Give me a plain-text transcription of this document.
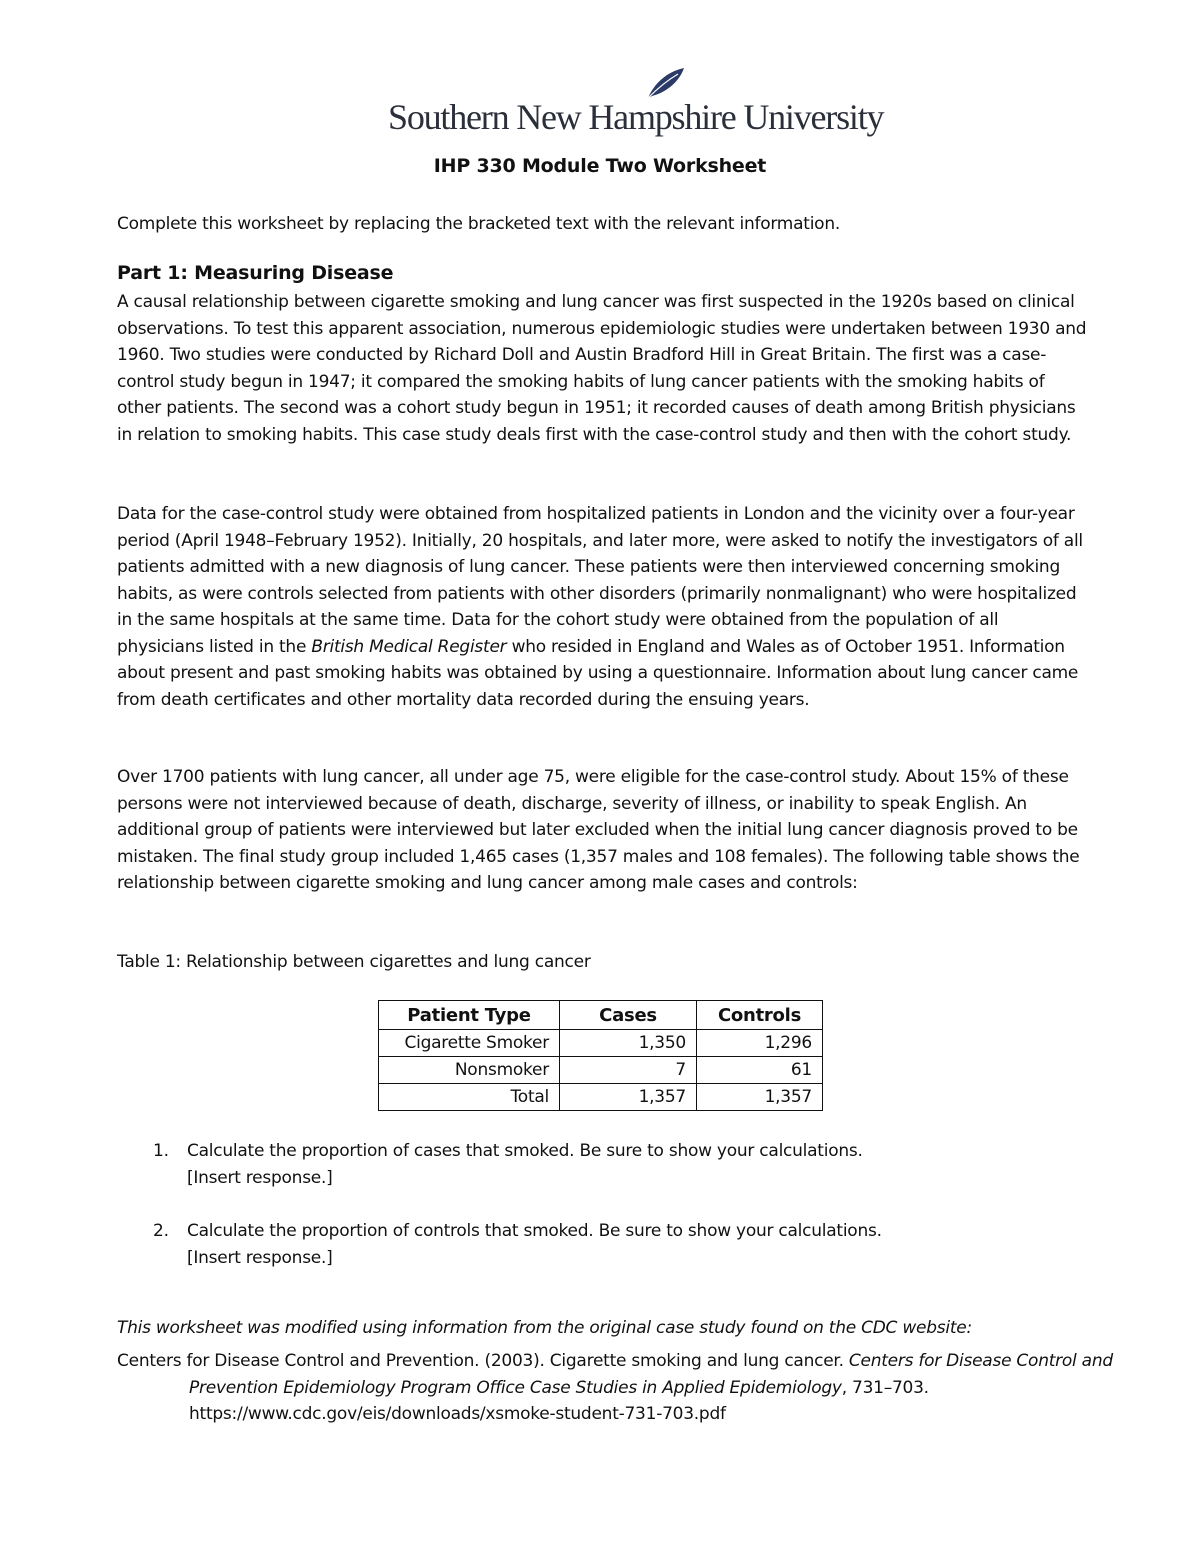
Southern New Hampshire University
IHP 330 Module Two Worksheet
Complete this worksheet by replacing the bracketed text with the relevant information.
Part 1: Measuring Disease

A causal relationship between cigarette smoking and lung cancer was first suspected in the 1920s based on clinical observations. To test this apparent association, numerous epidemiologic studies were undertaken between 1930 and 1960. Two studies were conducted by Richard Doll and Austin Bradford Hill in Great Britain. The first was a case-control study begun in 1947; it compared the smoking habits of lung cancer patients with the smoking habits of other patients. The second was a cohort study begun in 1951; it recorded causes of death among British physicians in relation to smoking habits. This case study deals first with the case-control study and then with the cohort study.

Data for the case-control study were obtained from hospitalized patients in London and the vicinity over a four-year period (April 1948–February 1952). Initially, 20 hospitals, and later more, were asked to notify the investigators of all patients admitted with a new diagnosis of lung cancer. These patients were then interviewed concerning smoking habits, as were controls selected from patients with other disorders (primarily nonmalignant) who were hospitalized in the same hospitals at the same time. Data for the cohort study were obtained from the population of all physicians listed in the British Medical Register who resided in England and Wales as of October 1951. Information about present and past smoking habits was obtained by using a questionnaire. Information about lung cancer came from death certificates and other mortality data recorded during the ensuing years.

Over 1700 patients with lung cancer, all under age 75, were eligible for the case-control study. About 15% of these persons were not interviewed because of death, discharge, severity of illness, or inability to speak English. An additional group of patients were interviewed but later excluded when the initial lung cancer diagnosis proved to be mistaken. The final study group included 1,465 cases (1,357 males and 108 females). The following table shows the relationship between cigarette smoking and lung cancer among male cases and controls:

Table 1: Relationship between cigarettes and lung cancer
Patient Type	Cases	Controls
Cigarette Smoker	1,350	1,296
Nonsmoker	7	61
Total	1,357	1,357
1. Calculate the proportion of cases that smoked. Be sure to show your calculations.
[Insert response.]
2. Calculate the proportion of controls that smoked. Be sure to show your calculations.
[Insert response.]
This worksheet was modified using information from the original case study found on the CDC website:
Centers for Disease Control and Prevention. (2003). Cigarette smoking and lung cancer. Centers for Disease Control and Prevention Epidemiology Program Office Case Studies in Applied Epidemiology, 731–703. https://www.cdc.gov/eis/downloads/xsmoke-student-731-703.pdf
